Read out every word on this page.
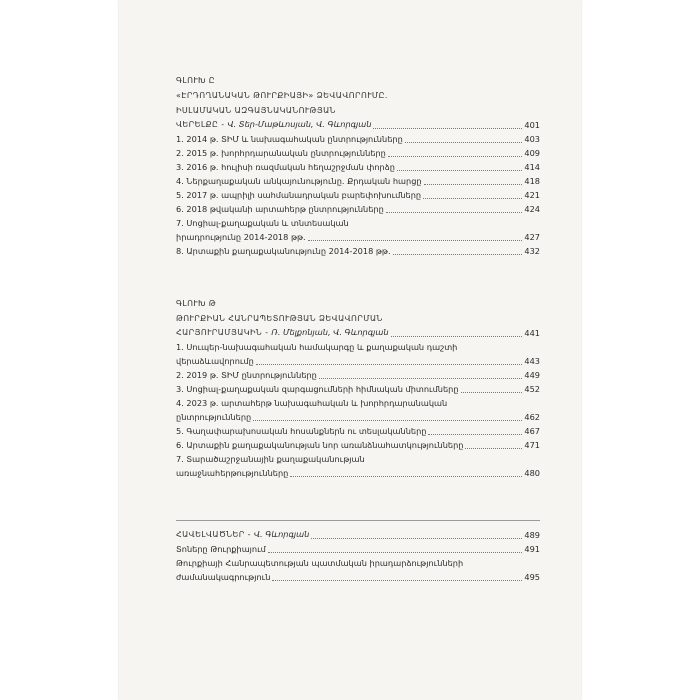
ԳԼՈՒԽ Ը
«ԷՐԴՈՂԱՆԱԿԱՆ ԹՈՒՐՔԻԱՅԻ» ՁԵՎԱՎՈՐՈՒՄԸ.
ԻՍԼԱՄԱԿԱՆ ԱԶԳԱՅՆԱԿԱՆՈՒԹՅԱՆ
ՎԵՐԵԼՔԸ - Վ. Տեր-Մաթևոսյան, Վ. Գևորգյան	401
1. 2014 թ. ՏԻՄ և նախագահական ընտրությունները	403
2. 2015 թ. խորհրդարանական ընտրությունները	409
3. 2016 թ. հուլիսի ռազմական հեղաշրջման փորձը	414
4. Ներքաղաքական անկայունությունը. Քրդական հարցը	418
5. 2017 թ. ապրիլի սահմանադրական բարեփոխումները	421
6. 2018 թվականի արտահերթ ընտրությունները	424
7. Սոցիալ-քաղաքական և տնտեսական
իրադրությունը 2014-2018 թթ.	427
8. Արտաքին քաղաքականությունը 2014-2018 թթ.	432
ԳԼՈՒԽ Թ
ԹՈՒՐՔԻԱՆ ՀԱՆՐԱՊԵՏՈՒԹՅԱՆ ՁԵՎԱՎՈՐՄԱՆ
ՀԱՐՅՈՒՐԱՄՅԱԿԻՆ - Ռ. Մելքոնյան, Վ. Գևորգյան	441
1. Սուպեր-նախագահական համակարգը և քաղաքական դաշտի
վերաձևավորումը	443
2. 2019 թ. ՏԻՄ ընտրությունները	449
3. Սոցիալ-քաղաքական զարգացումների հիմնական միտումները	452
4. 2023 թ. արտահերթ նախագահական և խորհրդարանական
ընտրությունները	462
5. Գաղափարախոսական հոսանքներն ու տեսլականները	467
6. Արտաքին քաղաքականության նոր առանձնահատկությունները	471
7. Տարածաշրջանային քաղաքականության
առաջնահերթությունները	480
ՀԱՎԵԼՎԱԾՆԵՐ - Վ. Գևորգյան	489
Տոները Թուրքիայում	491
Թուրքիայի Հանրապետության պատմական իրադարձությունների
ժամանակագրություն	495
